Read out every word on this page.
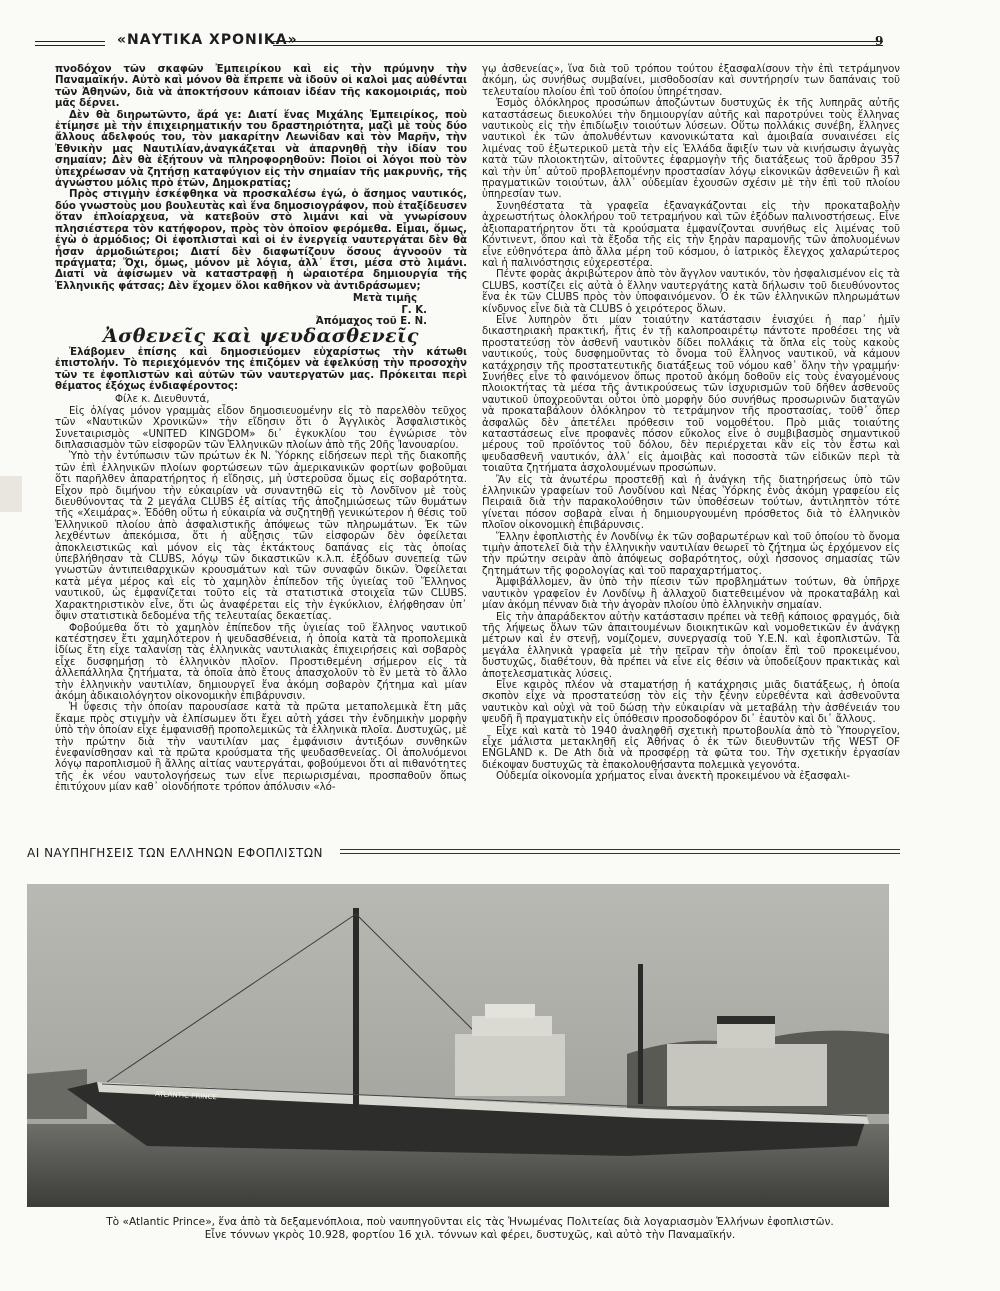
«ΝΑΥΤΙΚΑ ΧΡΟΝΙΚΑ»	9

πνοδόχον τῶν σκαφῶν Ἐμπειρίκου καὶ εἰς τὴν πρύμνην τὴν Παναμαϊκήν. Αὐτὸ καὶ μόνον θὰ ἔπρεπε νὰ ἰδοῦν οἱ καλοὶ μας αὐθένται τῶν Ἀθηνῶν, διὰ νὰ ἀποκτήσουν κάποιαν ἰδέαν τῆς κακομοιριάς, ποὺ μᾶς δέρνει.

Δὲν θὰ διηρωτῶντο, ἄρά γε: Διατί ἕνας Μιχάλης Ἐμπειρίκος, ποὺ ἐτίμησε μὲ τὴν ἐπιχειρηματικήν του δραστηριότητα, μαζὶ μὲ τοὺς δύο ἄλλους ἀδελφούς του, τὸν μακαρίτην Λεωνίδαν καὶ τὸν Μαρῆν, τὴν Ἐθνικὴν μας Ναυτιλίαν,ἀναγκάζεται νὰ ἀπαρνηθῇ τὴν ἰδίαν του σημαίαν; Δὲν θὰ ἐξήτουν νὰ πληροφορηθοῦν: Ποῖοι οἱ λόγοι ποὺ τὸν ὑπεχρέωσαν νὰ ζητήσῃ καταφύγιον εἰς τὴν σημαίαν τῆς μακρυνῆς, τῆς ἀγνώστου μόλις πρὸ ἐτῶν, Δημοκρατίας;

Πρὸς στιγμὴν ἐσκέφθηκα νὰ προσκαλέσω ἐγώ, ὁ ἄσημος ναυτικός, δύο γνωστοὺς μου βουλευτὰς καὶ ἕνα δημοσιογράφον, ποὺ ἐταξίδευσεν ὅταν ἐπλοίαρχευα, νὰ κατεβοῦν στὸ λιμάνι καὶ νὰ γνωρίσουν πλησιέστερα τὸν κατήφορον, πρὸς τὸν ὁποῖον φερόμεθα. Εἶμαι, ὅμως, ἐγὼ ὁ ἁρμόδιος; Οἱ ἐφοπλισταὶ καὶ οἱ ἐν ἐνεργείᾳ ναυτεργάται δὲν θὰ ἦσαν ἁρμοδιώτεροι; Διατί δὲν διαφωτίζουν ὅσους ἀγνοοῦν τὰ πράγματα; Ὄχι, ὅμως, μόνον μὲ λόγια, ἀλλ᾿ ἔτσι, μέσα στὸ λιμάνι. Διατί νὰ ἀφίσωμεν νὰ καταστραφῇ ἡ ὡραιοτέρα δημιουργία τῆς Ἑλληνικῆς φάτσας; Δὲν ἔχομεν ὅλοι καθῆκον νὰ ἀντιδράσωμεν;

Μετὰ τιμῆς

Γ. Κ.

Ἀπόμαχος τοῦ Ε. Ν.

Ἀσθενεῖς καὶ ψευδασθενεῖς

Ἐλάβομεν ἐπίσης καὶ δημοσιεύομεν εὐχαρίστως τὴν κάτωθι ἐπιστολήν. Τὸ περιεχόμενόν της ἐπιζόμεν νὰ ἑφελκύσῃ τὴν προσοχὴν τῶν τε ἐφοπλιστῶν καὶ αὐτῶν τῶν ναυτεργατῶν μας. Πρόκειται περὶ θέματος ἐξόχως ἐνδιαφέροντος:

Φίλε κ. Διευθυντά,

Εἰς ὀλίγας μόνον γραμμὰς εἶδον δημοσιευομένην εἰς τὸ παρελθὸν τεῦχος τῶν «Ναυτικῶν Χρονικῶν» τὴν εἴδησιν ὅτι ὁ Ἀγγλικὸς Ἀσφαλιστικὸς Συνεταιρισμὸς «UNITED KINGDOM» δι᾿ ἐγκυκλίου του ἐγνώρισε τὸν διπλασιασμὸν τῶν εἰσφορῶν τῶν Ἑλληνικῶν πλοίων ἀπὸ τῆς 20ῆς Ἰανουαρίου.

Ὑπὸ τὴν ἐντύπωσιν τῶν πρώτων ἐκ Ν. Ὑόρκης εἰδήσεων περὶ τῆς διακοπῆς τῶν ἐπὶ ἑλληνικῶν πλοίων φορτώσεων τῶν ἀμερικανικῶν φορτίων φοβοῦμαι ὅτι παρῆλθεν ἀπαρατήρητος ἡ εἴδησις, μὴ ὑστεροῦσα ὅμως εἰς σοβαρότητα. Εἶχον πρὸ διμήνου τὴν εὐκαιρίαν νὰ συναντηθῶ εἰς τὸ Λονδῖνον μὲ τοὺς διευθύνοντας τὰ 2 μεγάλα CLUBS ἐξ αἰτίας τῆς ἀποζημιώσεως τῶν θυμάτων τῆς «Χειμάρας». Ἐδόθη οὕτω ἡ εὐκαιρία νὰ συζητηθῇ γενικώτερον ἡ θέσις τοῦ Ἑλληνικοῦ πλοίου ἀπὸ ἀσφαλιστικῆς ἀπόψεως τῶν πληρωμάτων. Ἐκ τῶν λεχθέντων ἀπεκόμισα, ὅτι ἡ αὔξησις τῶν εἰσφορῶν δὲν ὀφείλεται ἀποκλειστικῶς καὶ μόνον εἰς τὰς ἐκτάκτους δαπάνας εἰς τὰς ὁποίας ὑπεβλήθησαν τὰ CLUBS, λόγῳ τῶν δικαστικῶν κ.λ.π. ἐξόδων συνεπείᾳ τῶν γνωστῶν ἀντιπειθαρχικῶν κρουσμάτων καὶ τῶν συναφῶν δικῶν. Ὀφείλεται κατὰ μέγα μέρος καὶ εἰς τὸ χαμηλὸν ἐπίπεδον τῆς ὑγιείας τοῦ Ἕλληνος ναυτικοῦ, ὡς ἐμφανίζεται τοῦτο εἰς τὰ στατιστικὰ στοιχεῖα τῶν CLUBS. Χαρακτηριστικὸν εἶνε, ὅτι ὡς ἀναφέρεται εἰς τὴν ἐγκύκλιον, ἐλήφθησαν ὑπ᾿ ὄψιν στατιστικὰ δεδομένα τῆς τελευταίας δεκαετίας.

Φοβούμεθα ὅτι τὸ χαμηλὸν ἐπίπεδον τῆς ὑγιείας τοῦ ἕλληνος ναυτικοῦ κατέστησεν ἔτι χαμηλότερον ἡ ψευδασθένεια, ἡ ὁποία κατὰ τὰ προπολεμικὰ ἰδίως ἔτη εἶχε ταλανίσῃ τὰς ἑλληνικὰς ναυτιλιακὰς ἐπιχειρήσεις καὶ σοβαρὸς εἶχε δυσφημήσῃ τὸ ἑλληνικὸν πλοῖον. Προστιθεμένη σήμερον εἰς τὰ ἀλλεπάλληλα ζητήματα, τὰ ὁποῖα ἀπὸ ἔτους ἀπασχολοῦν τὸ ἓν μετὰ τὸ ἄλλο τὴν ἑλληνικὴν ναυτιλίαν, δημιουργεῖ ἕνα ἀκόμη σοβαρὸν ζήτημα καὶ μίαν ἀκόμη ἀδικαιολόγητον οἰκονομικὴν ἐπιβάρυνσιν.

Ἡ ὕφεσις τὴν ὁποίαν παρουσίασε κατὰ τὰ πρῶτα μεταπολεμικὰ ἔτη μᾶς ἔκαμε πρὸς στιγμὴν νὰ ἐλπίσωμεν ὅτι ἔχει αὐτὴ χάσει τὴν ἐνδημικὴν μορφὴν ὑπὸ τὴν ὁποίαν εἶχε ἐμφανισθῇ προπολεμικῶς τὰ ἑλληνικὰ πλοῖα. Δυστυχῶς, μὲ τὴν πρώτην διὰ τὴν ναυτιλίαν μας ἐμφάνισιν ἀντιξόων συνθηκῶν ἐνεφανίσθησαν καὶ τὰ πρῶτα κρούσματα τῆς ψευδασθενείας. Οἱ ἀπολυόμενοι λόγῳ παροπλισμοῦ ἢ ἄλλης αἰτίας ναυτεργάται, φοβούμενοι ὅτι αἱ πιθανότητες τῆς ἐκ νέου ναυτολογήσεως των εἶνε περιωρισμέναι, προσπαθοῦν ὅπως ἐπιτύχουν μίαν καθ᾿ οἱονδήποτε τρόπον ἀπόλυσιν «λό-

γῳ ἀσθενείας», ἵνα διὰ τοῦ τρόπου τούτου ἐξασφαλίσουν τὴν ἐπὶ τετράμηνον ἀκόμη, ὡς συνήθως συμβαίνει, μισθοδοσίαν καὶ συντήρησίν των δαπάναις τοῦ τελευταίου πλοίου ἐπὶ τοῦ ὁποίου ὑπηρέτησαν.

Ἐσμὸς ὁλόκληρος προσώπων ἀποζώντων δυστυχῶς ἐκ τῆς λυπηρᾶς αὐτῆς καταστάσεως διευκολύει τὴν δημιουργίαν αὐτῆς καὶ παροτρύνει τοὺς ἕλληνας ναυτικοὺς εἰς τὴν ἐπιδίωξιν τοιούτων λύσεων. Οὕτω πολλάκις συνέβη, ἕλληνες ναυτικοὶ ἐκ τῶν ἀπολυθέντων κανονικώτατα καὶ ἀμοιβαία συναινέσει εἰς λιμένας τοῦ ἐξωτερικοῦ μετὰ τὴν εἰς Ἑλλάδα ἄφιξίν των νὰ κινήσωσιν ἀγωγὰς κατὰ τῶν πλοιοκτητῶν, αἰτοῦντες ἐφαρμογὴν τῆς διατάξεως τοῦ ἄρθρου 357 καὶ τὴν ὑπ᾿ αὐτοῦ προβλεπομένην προστασίαν λόγῳ εἰκονικῶν ἀσθενειῶν ἢ καὶ πραγματικῶν τοιούτων, ἀλλ᾿ οὐδεμίαν ἐχουσῶν σχέσιν μὲ τὴν ἐπὶ τοῦ πλοίου ὑπηρεσίαν των.

Συνηθέστατα τὰ γραφεῖα ἐξαναγκάζονται εἰς τὴν προκαταβολὴν ἀχρεωστήτως ὁλοκλήρου τοῦ τετραμήνου καὶ τῶν ἐξόδων παλινοστήσεως. Εἶνε ἀξιοπαρατήρητον ὅτι τὰ κρούσματα ἐμφανίζονται συνήθως εἰς λιμένας τοῦ Κόντινεντ, ὅπου καὶ τὰ ἔξοδα τῆς εἰς τὴν ξηρὰν παραμονῆς τῶν ἀπολυομένων εἶνε εὐθηνότερα ἀπὸ ἄλλα μέρη τοῦ κόσμου, ὁ ἰατρικὸς ἔλεγχος χαλαρώτερος καὶ ἡ παλινόστησις εὐχερεστέρα.

Πέντε φορὰς ἀκριβώτερον ἀπὸ τὸν ἄγγλον ναυτικόν, τὸν ἠσφαλισμένον εἰς τὰ CLUBS, κοστίζει εἰς αὐτὰ ὁ ἕλλην ναυτεργάτης κατὰ δήλωσιν τοῦ διευθύνοντος ἕνα ἐκ τῶν CLUBS πρὸς τὸν ὑποφαινόμενον. Ὁ ἐκ τῶν ἑλληνικῶν πληρωμάτων κίνδυνος εἶνε διὰ τὰ CLUBS ὁ χειρότερος ὅλων.

Εἶνε λυπηρὸν ὅτι μίαν τοιαύτην κατάστασιν ἐνισχύει ἡ παρ᾿ ἡμῖν δικαστηριακὴ πρακτική, ἥτις ἐν τῇ καλοπροαιρέτῳ πάντοτε προθέσει της νὰ προστατεύσῃ τὸν ἀσθενῆ ναυτικὸν δίδει πολλάκις τὰ ὅπλα εἰς τοὺς κακοὺς ναυτικούς, τοὺς δυσφημοῦντας τὸ ὄνομα τοῦ ἕλληνος ναυτικοῦ, νὰ κάμουν κατάχρησιν τῆς προστατευτικῆς διατάξεως τοῦ νόμου καθ᾿ ὅλην τὴν γραμμήν· Συνήθες εἶνε τὸ φαινόμενον ὅπως προτοῦ ἀκόμη δοθοῦν εἰς τοὺς ἐναγομένους πλοιοκτήτας τὰ μέσα τῆς ἀντικρούσεως τῶν ἰσχυρισμῶν τοῦ δῆθεν ἀσθενοῦς ναυτικοῦ ὑποχρεοῦνται οὗτοι ὑπὸ μορφὴν δύο συνήθως προσωρινῶν διαταγῶν νὰ προκαταβάλουν ὁλόκληρον τὸ τετράμηνον τῆς προστασίας, τοῦθ᾿ ὅπερ ἀσφαλῶς δὲν ἀπετέλει πρόθεσιν τοῦ νομοθέτου. Πρὸ μιᾶς τοιαύτης καταστάσεως εἶνε προφανὲς πόσον εὔκολος εἶνε ὁ συμβιβασμὸς σημαντικοῦ μέρους τοῦ προϊόντος τοῦ δόλου, δὲν περιέρχεται κἂν εἰς τὸν ἔστω καὶ ψευδασθενῆ ναυτικόν, ἀλλ᾿ εἰς ἀμοιβὰς καὶ ποσοστὰ τῶν εἰδικῶν περὶ τὰ τοιαῦτα ζητήματα ἀσχολουμένων προσώπων.

Ἂν εἰς τὰ ἀνωτέρω προστεθῇ καὶ ἡ ἀνάγκη τῆς διατηρήσεως ὑπὸ τῶν ἑλληνικῶν γραφείων τοῦ Λονδίνου καὶ Νέας Ὑόρκης ἑνὸς ἀκόμη γραφείου εἰς Πειραιᾶ διὰ τὴν παρακολούθησιν τῶν ὑποθέσεων τούτων, ἀντιληπτὸν τότε γίνεται πόσον σοβαρὰ εἶναι ἡ δημιουργουμένη πρόσθετος διὰ τὸ ἑλληνικὸν πλοῖον οἰκονομικὴ ἐπιβάρυνσις.

Ἕλλην ἐφοπλιστὴς ἐν Λονδίνῳ ἐκ τῶν σοβαρωτέρων καὶ τοῦ ὁποίου τὸ ὄνομα τιμὴν ἀποτελεῖ διὰ τὴν ἑλληνικὴν ναυτιλίαν θεωρεῖ τὸ ζήτημα ὡς ἐρχόμενον εἰς τὴν πρώτην σειρὰν ἀπὸ ἀπόψεως σοβαρότητος, οὐχὶ ἧσσονος σημασίας τῶν ζητημάτων τῆς φορολογίας καὶ τοῦ παραχαρτήματος.

Ἀμφιβάλλομεν, ἂν ὑπὸ τὴν πίεσιν τῶν προβλημάτων τούτων, θὰ ὑπῆρχε ναυτικὸν γραφεῖον ἐν Λονδίνῳ ἢ ἀλλαχοῦ διατεθειμένον νὰ προκαταβάλῃ καὶ μίαν ἀκόμη πένναν διὰ τὴν ἀγορὰν πλοίου ὑπὸ ἑλληνικὴν σημαίαν.

Εἰς τὴν ἀπαράδεκτον αὐτὴν κατάστασιν πρέπει νὰ τεθῇ κάποιος φραγμός, διὰ τῆς λήψεως ὅλων τῶν ἀπαιτουμένων διοικητικῶν καὶ νομοθετικῶν ἐν ἀνάγκῃ μέτρων καὶ ἐν στενῇ, νομίζομεν, συνεργασίᾳ τοῦ Υ.Ε.Ν. καὶ ἐφοπλιστῶν. Τὰ μεγάλα ἑλληνικὰ γραφεῖα μὲ τὴν πεῖραν τὴν ὁποίαν ἔπὶ τοῦ προκειμένου, δυστυχῶς, διαθέτουν, θὰ πρέπει νὰ εἶνε εἰς θέσιν νὰ ὑποδείξουν πρακτικὰς καὶ ἀποτελεσματικὰς λύσεις.

Εἶνε καιρὸς πλέον νὰ σταματήσῃ ἡ κατάχρησις μιᾶς διατάξεως, ἡ ὁποία σκοπὸν εἶχε νὰ προστατεύσῃ τὸν εἰς τὴν ξένην εὑρεθέντα καὶ ἀσθενοῦντα ναυτικὸν καὶ οὐχὶ νὰ τοῦ δώσῃ τὴν εὐκαιρίαν νὰ μεταβάλῃ τὴν ἀσθένειάν του ψευδῆ ἢ πραγματικὴν εἰς ὑπόθεσιν προσοδοφόρον δι᾿ ἑαυτὸν καὶ δι᾿ ἄλλους.

Εἶχε καὶ κατὰ τὸ 1940 ἀναληφθῆ σχετικὴ πρωτοβουλία ἀπὸ τὸ Ὑπουργεῖον, εἶχε μάλιστα μετακληθῆ εἰς Ἀθήνας ὁ ἐκ τῶν διευθυντῶν τῆς WEST OF ENGLAND κ. De Ath διὰ νὰ προσφέρῃ τὰ φῶτα του. Τὴν σχετικὴν ἐργασίαν διέκοψαν δυστυχῶς τὰ ἐπακολουθήσαντα πολεμικὰ γεγονότα.

Οὐδεμία οἰκονομία χρήματος εἶναι ἀνεκτὴ προκειμένου νὰ ἐξασφαλι-

ΑΙ ΝΑΥΠΗΓΗΣΕΙΣ ΤΩΝ ΕΛΛΗΝΩΝ ΕΦΟΠΛΙΣΤΩΝ
ATLANTIC PRINCE
Τὸ «Atlantic Prince», ἕνα ἀπὸ τὰ δεξαμενόπλοια, ποὺ ναυπηγοῦνται εἰς τὰς Ἡνωμένας Πολιτείας διὰ λογαριασμὸν Ἑλλήνων ἐφοπλιστῶν.
Εἶνε τόννων γκρὸς 10.928, φορτίου 16 χιλ. τόννων καὶ φέρει, δυστυχῶς, καὶ αὐτὸ τὴν Παναμαϊκήν.
